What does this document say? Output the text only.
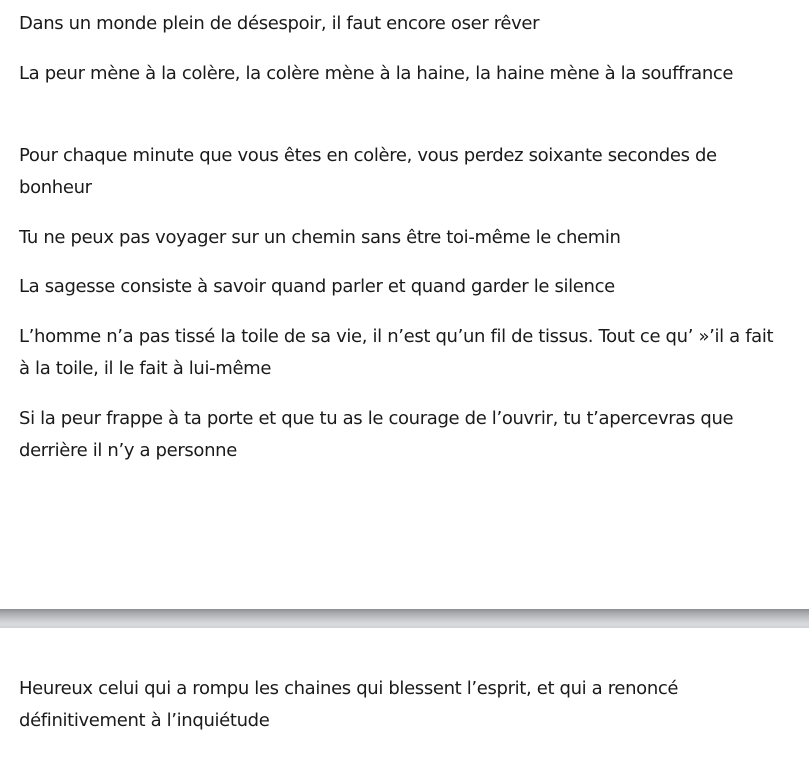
Dans un monde plein de désespoir, il faut encore oser rêver

La peur mène à la colère, la colère mène à la haine, la haine mène à la souffrance

Pour chaque minute que vous êtes en colère, vous perdez soixante secondes de bonheur

Tu ne peux pas voyager sur un chemin sans être toi-même le chemin

La sagesse consiste à savoir quand parler et quand garder le silence

L’homme n’a pas tissé la toile de sa vie, il n’est qu’un fil de tissus. Tout ce qu’ »’il a fait à la toile, il le fait à lui-même

Si la peur frappe à ta porte et que tu as le courage de l’ouvrir, tu t’apercevras que derrière il n’y a personne

Heureux celui qui a rompu les chaines qui blessent l’esprit, et qui a renoncé définitivement à l’inquiétude
